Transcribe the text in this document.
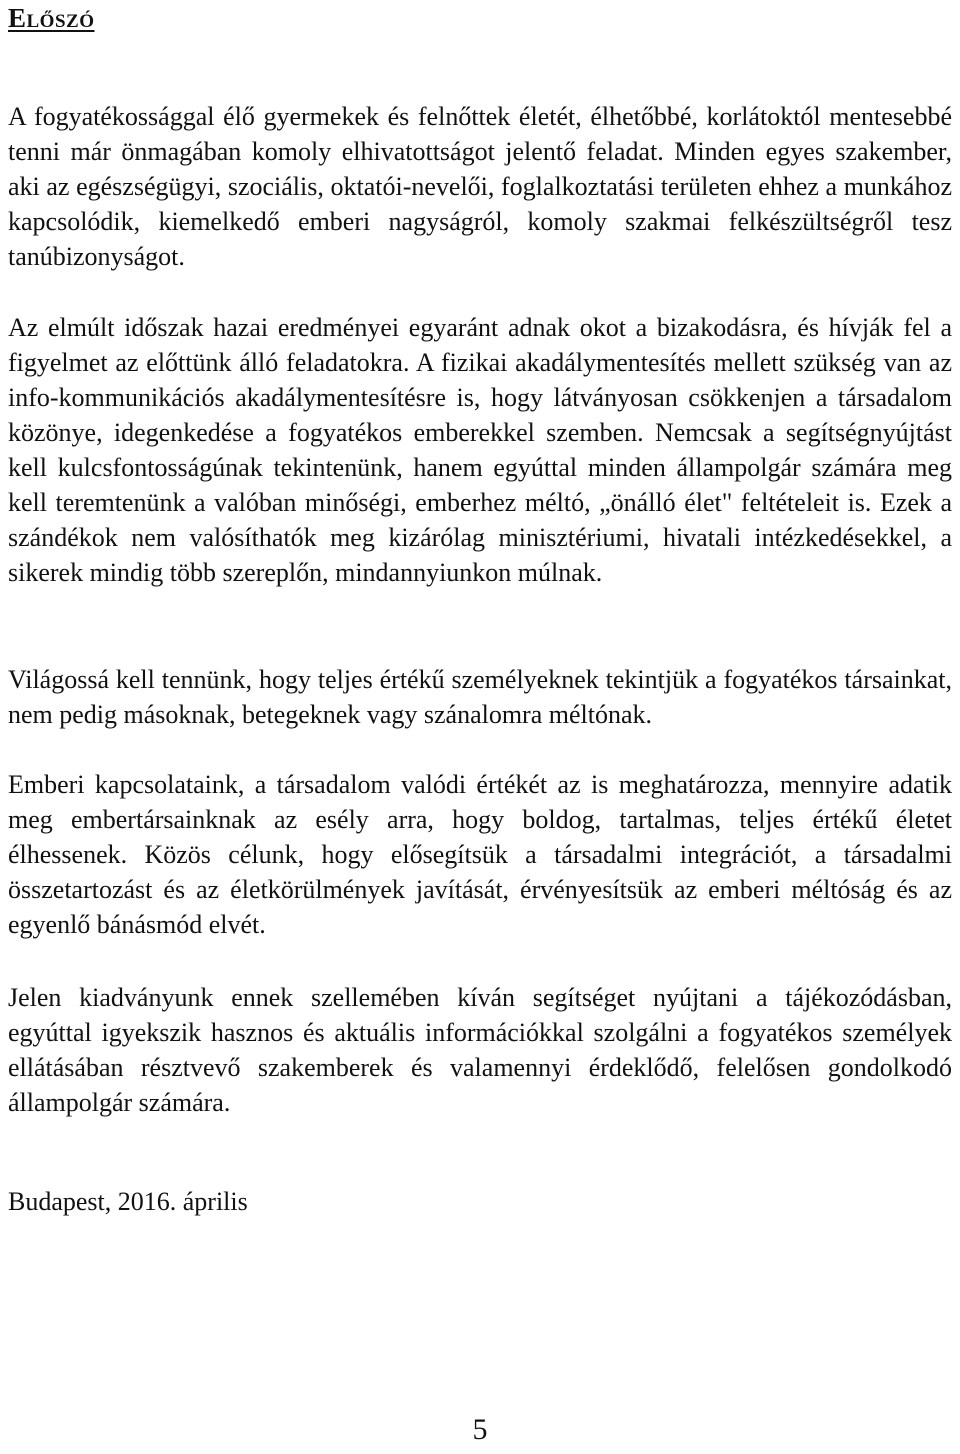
Előszó

A fogyatékossággal élő gyermekek és felnőttek életét, élhetőbbé, korlátoktól mentesebbé tenni már önmagában komoly elhivatottságot jelentő feladat. Minden egyes szakember, aki az egészségügyi, szociális, oktatói-nevelői, foglalkoztatási területen ehhez a munkához kapcsolódik, kiemelkedő emberi nagyságról, komoly szakmai felkészültségről tesz tanúbizonyságot.

Az elmúlt időszak hazai eredményei egyaránt adnak okot a bizakodásra, és hívják fel a figyelmet az előttünk álló feladatokra. A fizikai akadálymentesítés mellett szükség van az info-kommunikációs akadálymentesítésre is, hogy látványosan csökkenjen a társadalom közönye, idegenkedése a fogyatékos emberekkel szemben. Nemcsak a segítségnyújtást kell kulcsfontosságúnak tekintenünk, hanem egyúttal minden állampolgár számára meg kell teremtenünk a valóban minőségi, emberhez méltó, „önálló élet" feltételeit is. Ezek a szándékok nem valósíthatók meg kizárólag minisztériumi, hivatali intézkedésekkel, a sikerek mindig több szereplőn, mindannyiunkon múlnak.

Világossá kell tennünk, hogy teljes értékű személyeknek tekintjük a fogyatékos társainkat, nem pedig másoknak, betegeknek vagy szánalomra méltónak.

Emberi kapcsolataink, a társadalom valódi értékét az is meghatározza, mennyire adatik meg embertársainknak az esély arra, hogy boldog, tartalmas, teljes értékű életet élhessenek. Közös célunk, hogy elősegítsük a társadalmi integrációt, a társadalmi összetartozást és az életkörülmények javítását, érvényesítsük az emberi méltóság és az egyenlő bánásmód elvét.

Jelen kiadványunk ennek szellemében kíván segítséget nyújtani a tájékozódásban, egyúttal igyekszik hasznos és aktuális információkkal szolgálni a fogyatékos személyek ellátásában résztvevő szakemberek és valamennyi érdeklődő, felelősen gondolkodó állampolgár számára.

Budapest, 2016. április

5
